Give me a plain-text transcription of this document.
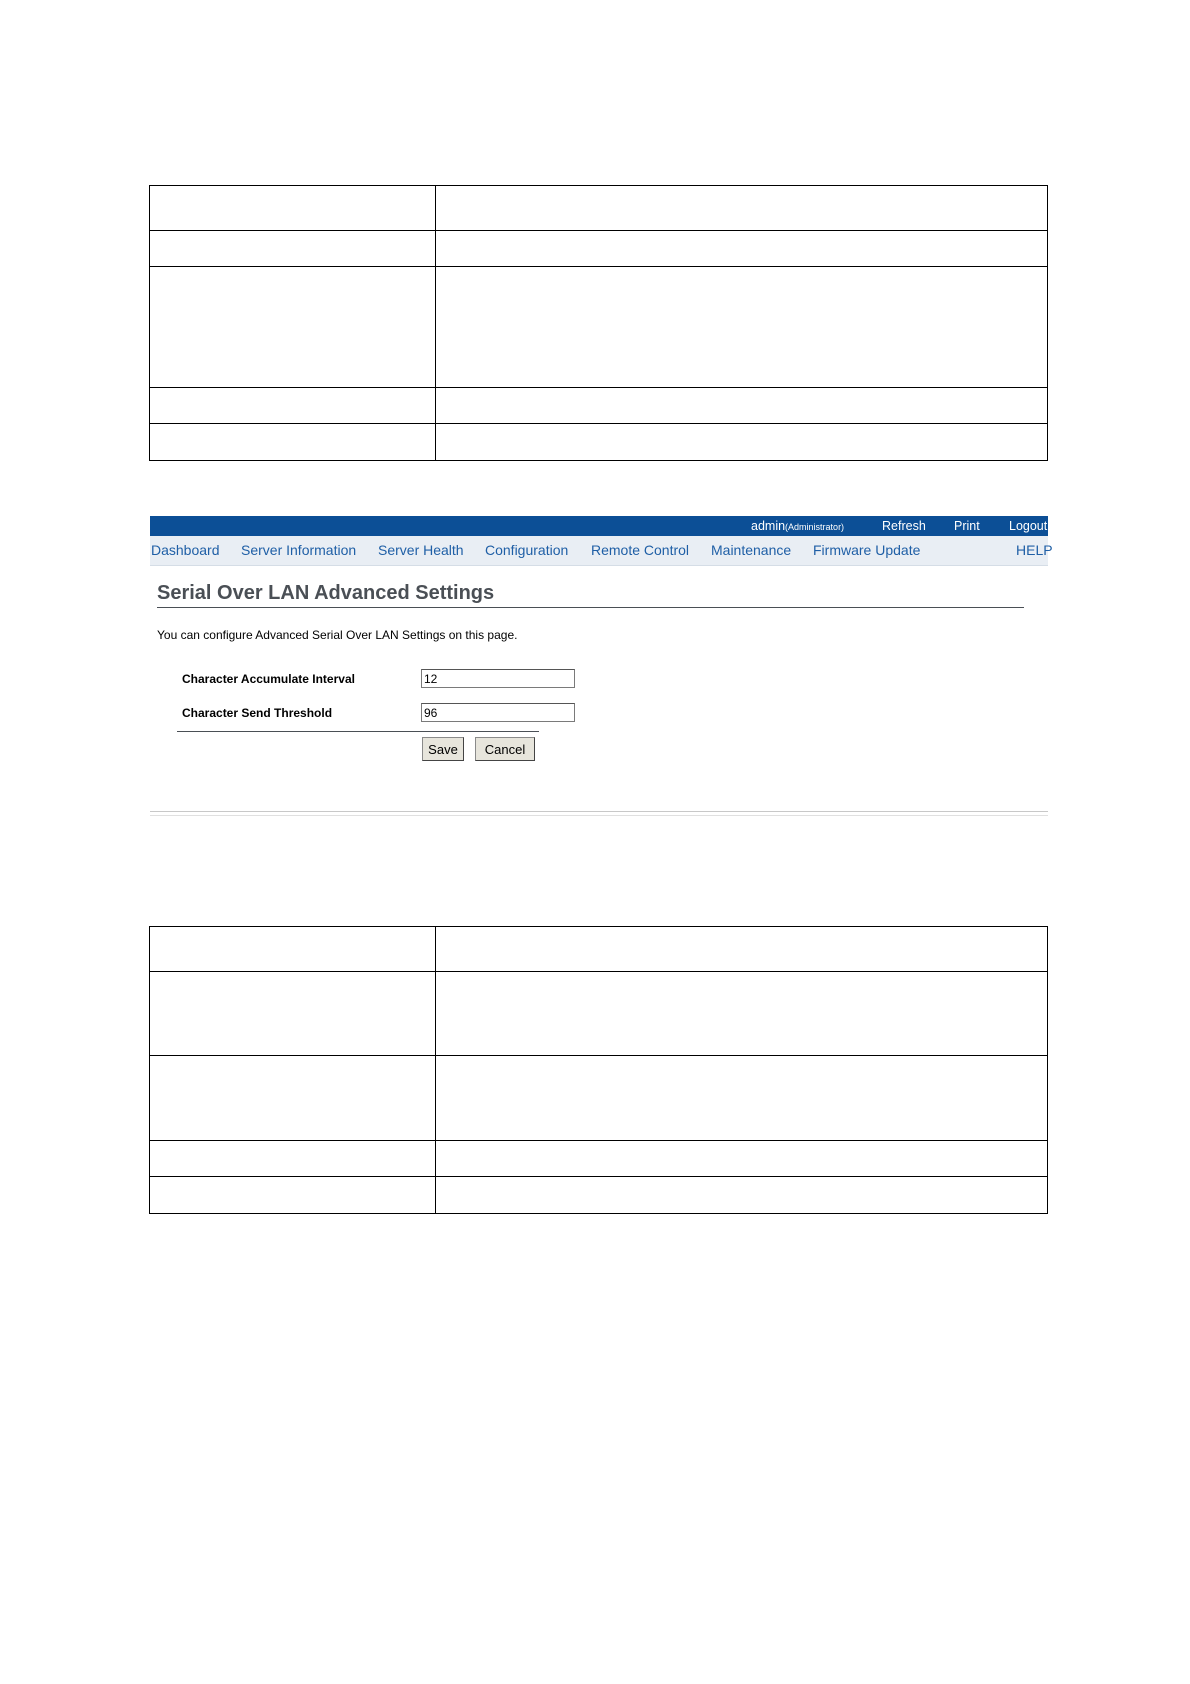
admin(Administrator)	Refresh Print Logout
Dashboard Server Information Server Health Configuration Remote Control Maintenance Firmware Update	HELP
Serial Over LAN Advanced Settings
You can configure Advanced Serial Over LAN Settings on this page.
Character Accumulate Interval
12
Character Send Threshold
96
Save	Cancel
